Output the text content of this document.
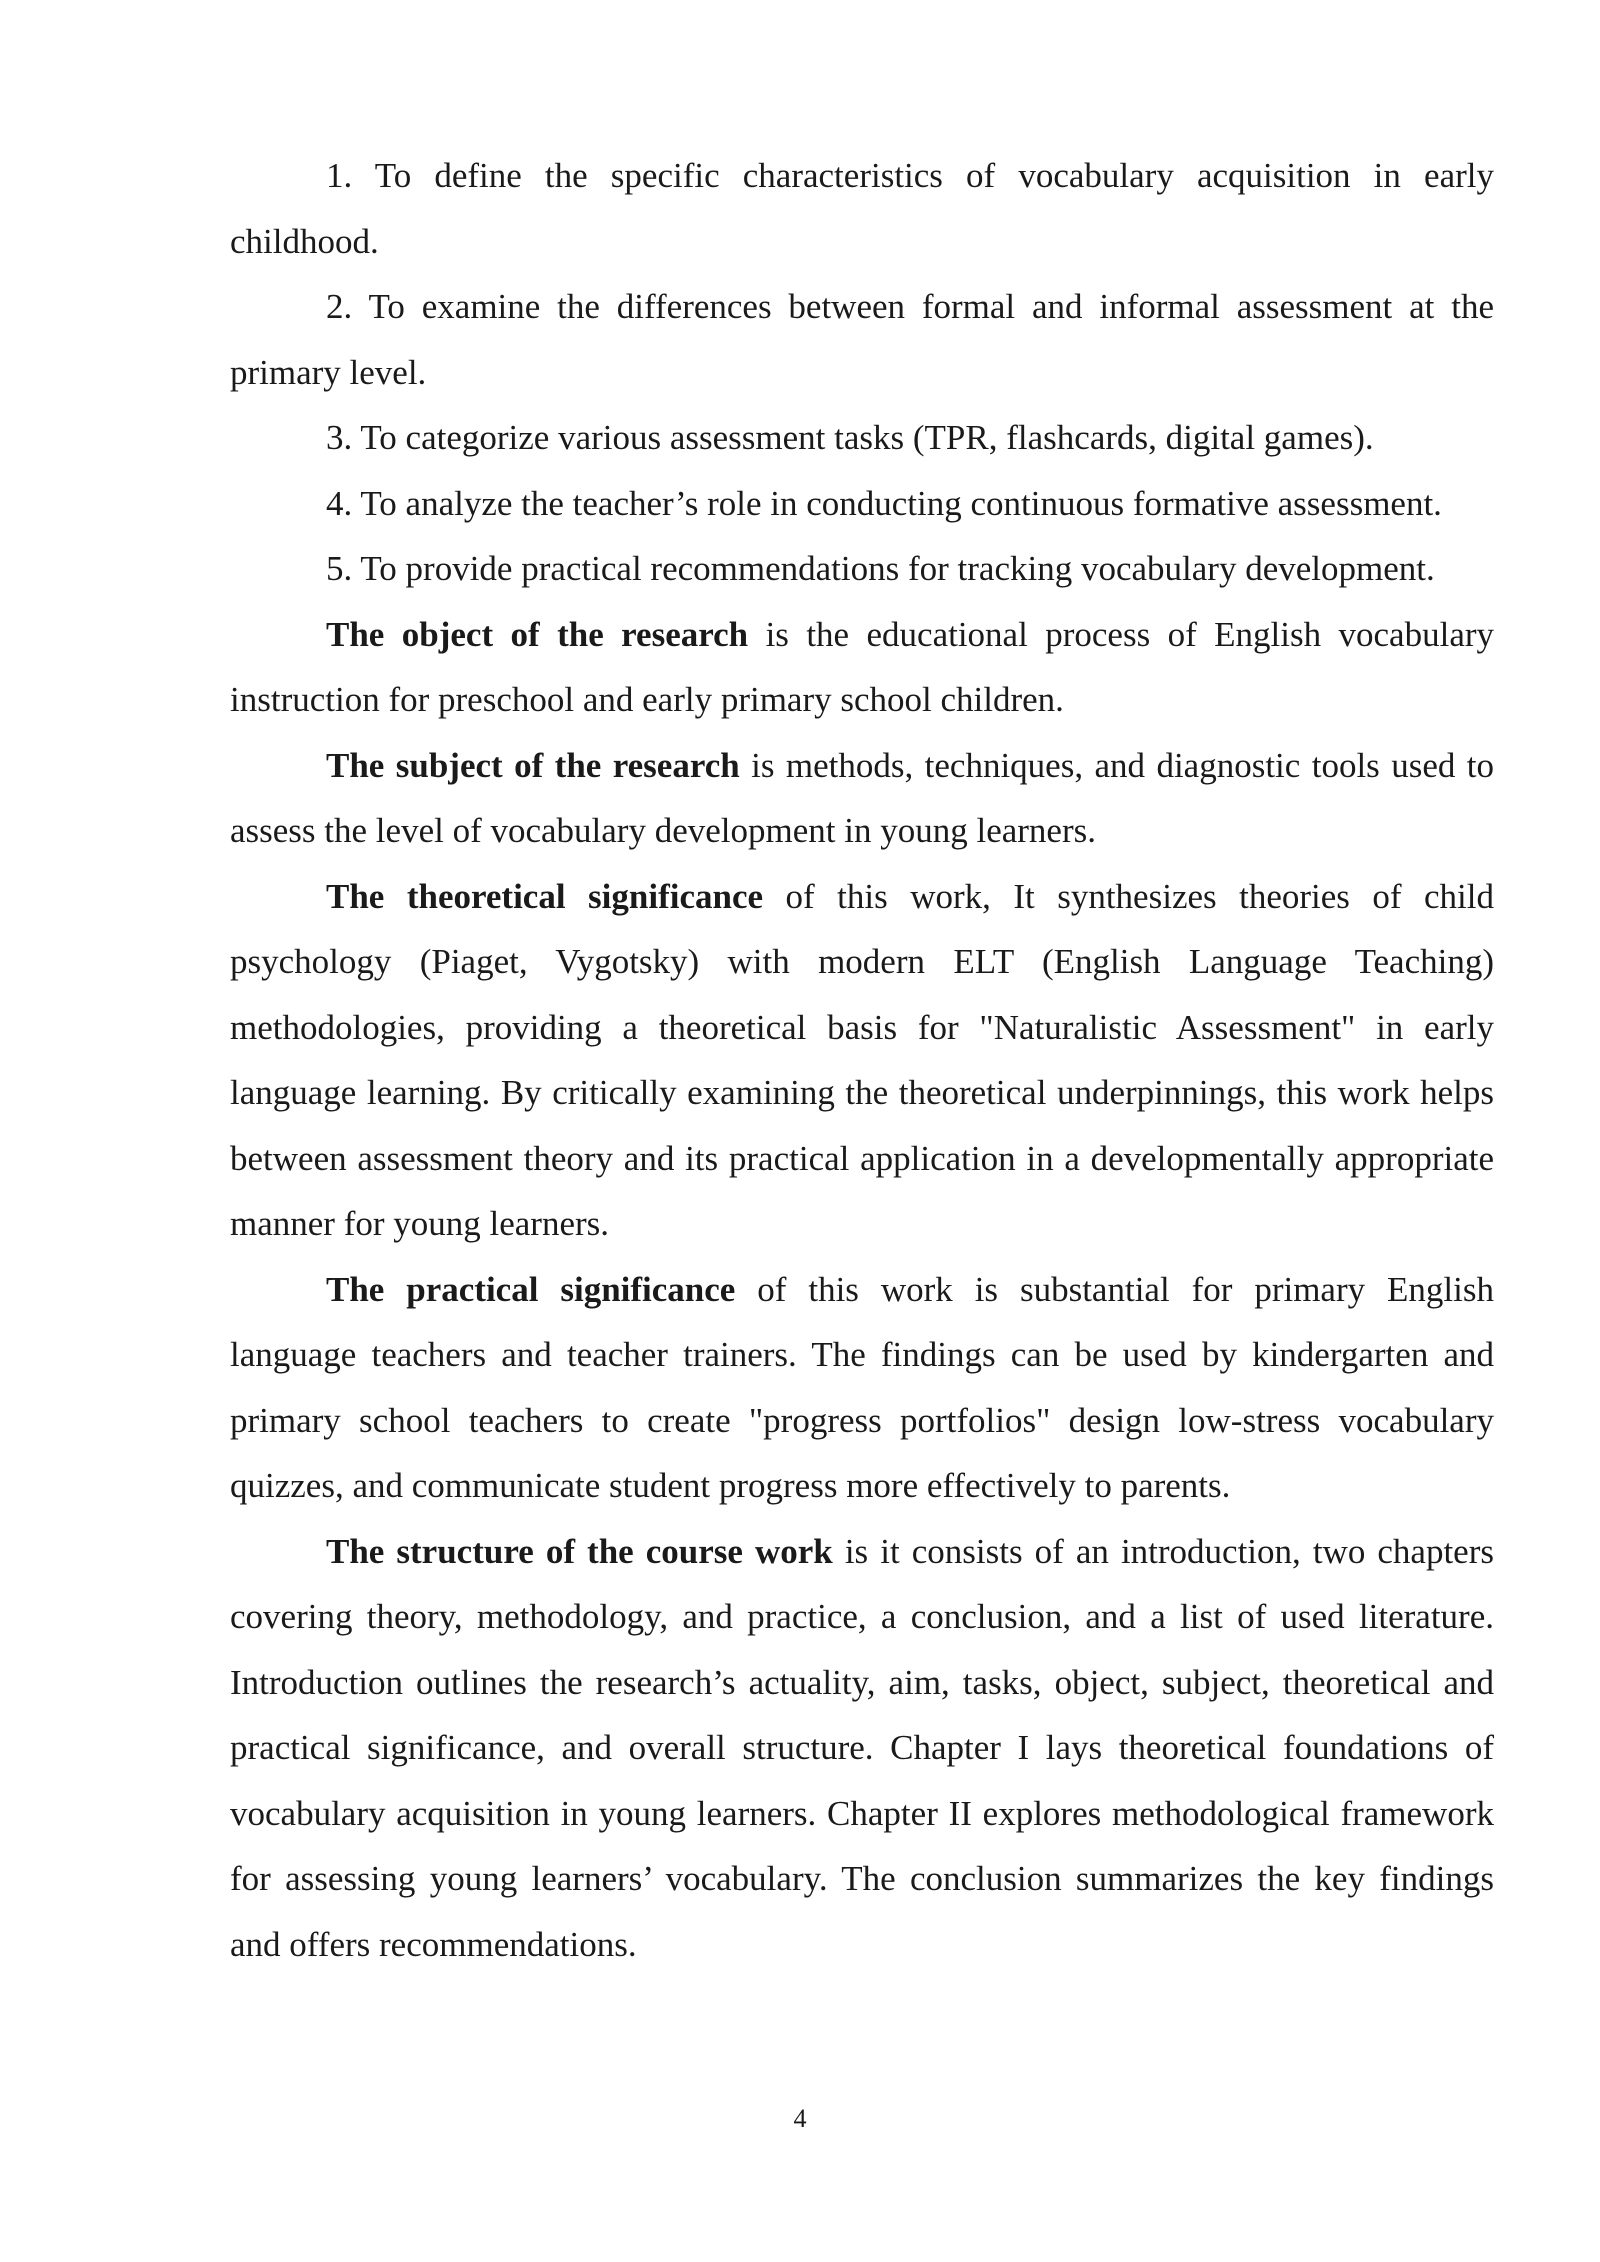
1. To define the specific characteristics of vocabulary acquisition in early childhood.

2. To examine the differences between formal and informal assessment at the primary level.

3. To categorize various assessment tasks (TPR, flashcards, digital games).

4. To analyze the teacher’s role in conducting continuous formative assessment.

5. To provide practical recommendations for tracking vocabulary development.

The object of the research is the educational process of English vocabulary instruction for preschool and early primary school children.

The subject of the research is methods, techniques, and diagnostic tools used to assess the level of vocabulary development in young learners.

The theoretical significance of this work, It synthesizes theories of child psychology (Piaget, Vygotsky) with modern ELT (English Language Teaching) methodologies, providing a theoretical basis for "Naturalistic Assessment" in early language learning. By critically examining the theoretical underpinnings, this work helps between assessment theory and its practical application in a developmentally appropriate manner for young learners.

The practical significance of this work is substantial for primary English language teachers and teacher trainers. The findings can be used by kindergarten and primary school teachers to create "progress portfolios" design low-stress vocabulary quizzes, and communicate student progress more effectively to parents.

The structure of the course work is it consists of an introduction, two chapters covering theory, methodology, and practice, a conclusion, and a list of used literature. Introduction outlines the research’s actuality, aim, tasks, object, subject, theoretical and practical significance, and overall structure. Chapter I lays theoretical foundations of vocabulary acquisition in young learners. Chapter II explores methodological framework for assessing young learners’ vocabulary. The conclusion summarizes the key findings and offers recommendations.

4
